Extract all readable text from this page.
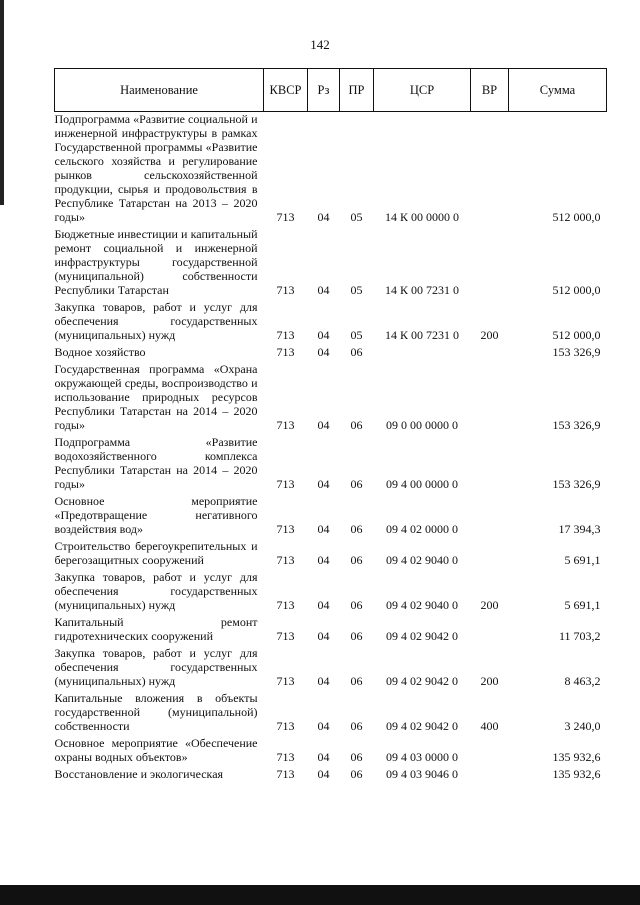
142
Наименование	КВСР	Рз	ПР	ЦСР	ВР	Сумма

Подпрограмма «Развитие социальной и инженерной инфраструктуры в рамках Государственной программы «Развитие сельского хозяйства и регулирование рынков сельскохозяйственной продукции, сырья и продовольствия в Республике Татарстан на 2013 – 2020 годы»	713	04	05	14 К 00 0000 0		512 000,0

Бюджетные инвестиции и капитальный ремонт социальной и инженерной инфраструктуры государственной (муниципальной) собственности Республики Татарстан	713	04	05	14 К 00 7231 0		512 000,0

Закупка товаров, работ и услуг для обеспечения государственных (муниципальных) нужд	713	04	05	14 К 00 7231 0	200	512 000,0

Водное хозяйство	713	04	06			153 326,9

Государственная программа «Охрана окружающей среды, воспроизводство и использование природных ресурсов Республики Татарстан на 2014 – 2020 годы»	713	04	06	09 0 00 0000 0		153 326,9

Подпрограмма «Развитие водохозяйственного комплекса Республики Татарстан на 2014 – 2020 годы»	713	04	06	09 4 00 0000 0		153 326,9

Основное мероприятие «Предотвращение негативного воздействия вод»	713	04	06	09 4 02 0000 0		17 394,3

Строительство берегоукрепительных и берегозащитных сооружений	713	04	06	09 4 02 9040 0		5 691,1

Закупка товаров, работ и услуг для обеспечения государственных (муниципальных) нужд	713	04	06	09 4 02 9040 0	200	5 691,1

Капитальный ремонт гидротехнических сооружений	713	04	06	09 4 02 9042 0		11 703,2

Закупка товаров, работ и услуг для обеспечения государственных (муниципальных) нужд	713	04	06	09 4 02 9042 0	200	8 463,2

Капитальные вложения в объекты государственной (муниципальной) собственности	713	04	06	09 4 02 9042 0	400	3 240,0

Основное мероприятие «Обеспечение охраны водных объектов»	713	04	06	09 4 03 0000 0		135 932,6

Восстановление и экологическая	713	04	06	09 4 03 9046 0		135 932,6
